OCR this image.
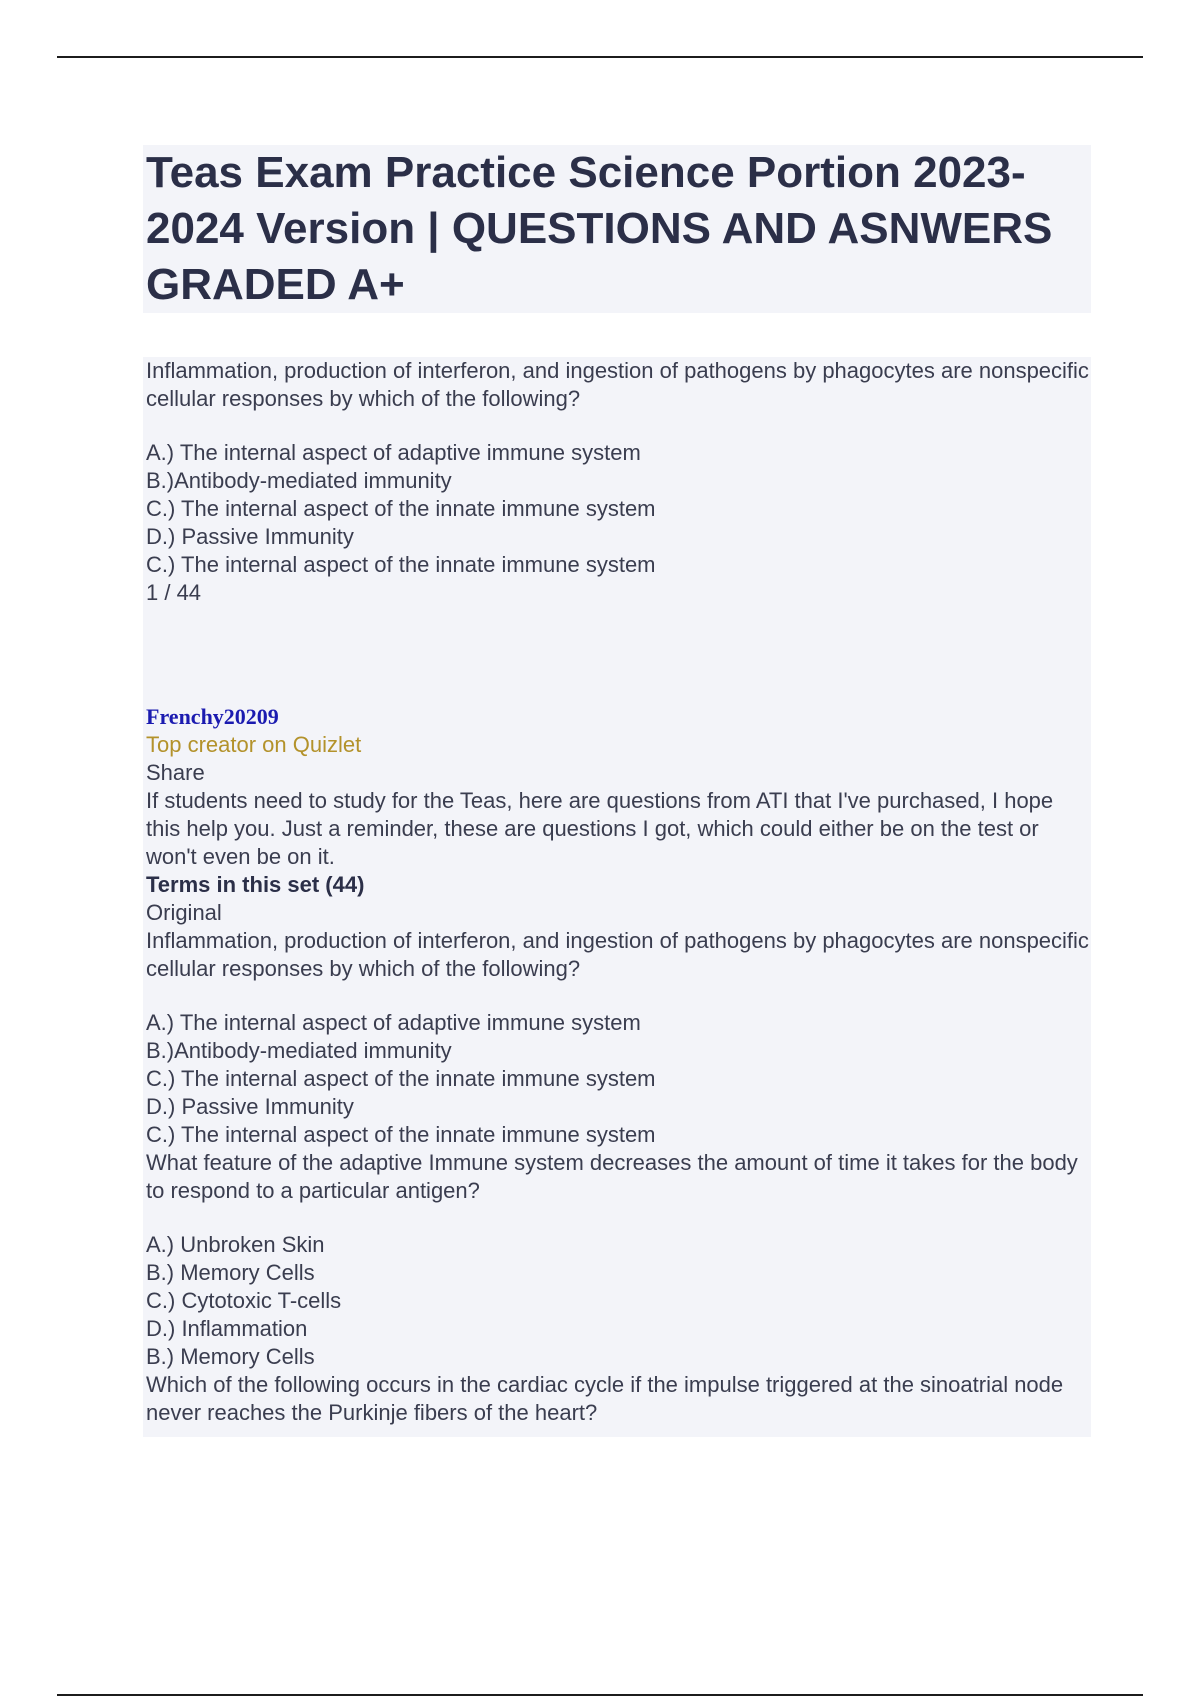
Teas Exam Practice Science Portion 2023-2024 Version | QUESTIONS AND ASNWERS GRADED A+

Inflammation, production of interferon, and ingestion of pathogens by phagocytes are nonspecific cellular responses by which of the following?

A.) The internal aspect of adaptive immune system

B.)Antibody-mediated immunity

C.) The internal aspect of the innate immune system

D.) Passive Immunity

C.) The internal aspect of the innate immune system

1 / 44

Frenchy20209

Top creator on Quizlet

Share

If students need to study for the Teas, here are questions from ATI that I've purchased, I hope this help you. Just a reminder, these are questions I got, which could either be on the test or won't even be on it.

Terms in this set (44)

Original

Inflammation, production of interferon, and ingestion of pathogens by phagocytes are nonspecific cellular responses by which of the following?

A.) The internal aspect of adaptive immune system

B.)Antibody-mediated immunity

C.) The internal aspect of the innate immune system

D.) Passive Immunity

C.) The internal aspect of the innate immune system

What feature of the adaptive Immune system decreases the amount of time it takes for the body to respond to a particular antigen?

A.) Unbroken Skin

B.) Memory Cells

C.) Cytotoxic T-cells

D.) Inflammation

B.) Memory Cells

Which of the following occurs in the cardiac cycle if the impulse triggered at the sinoatrial node never reaches the Purkinje fibers of the heart?
